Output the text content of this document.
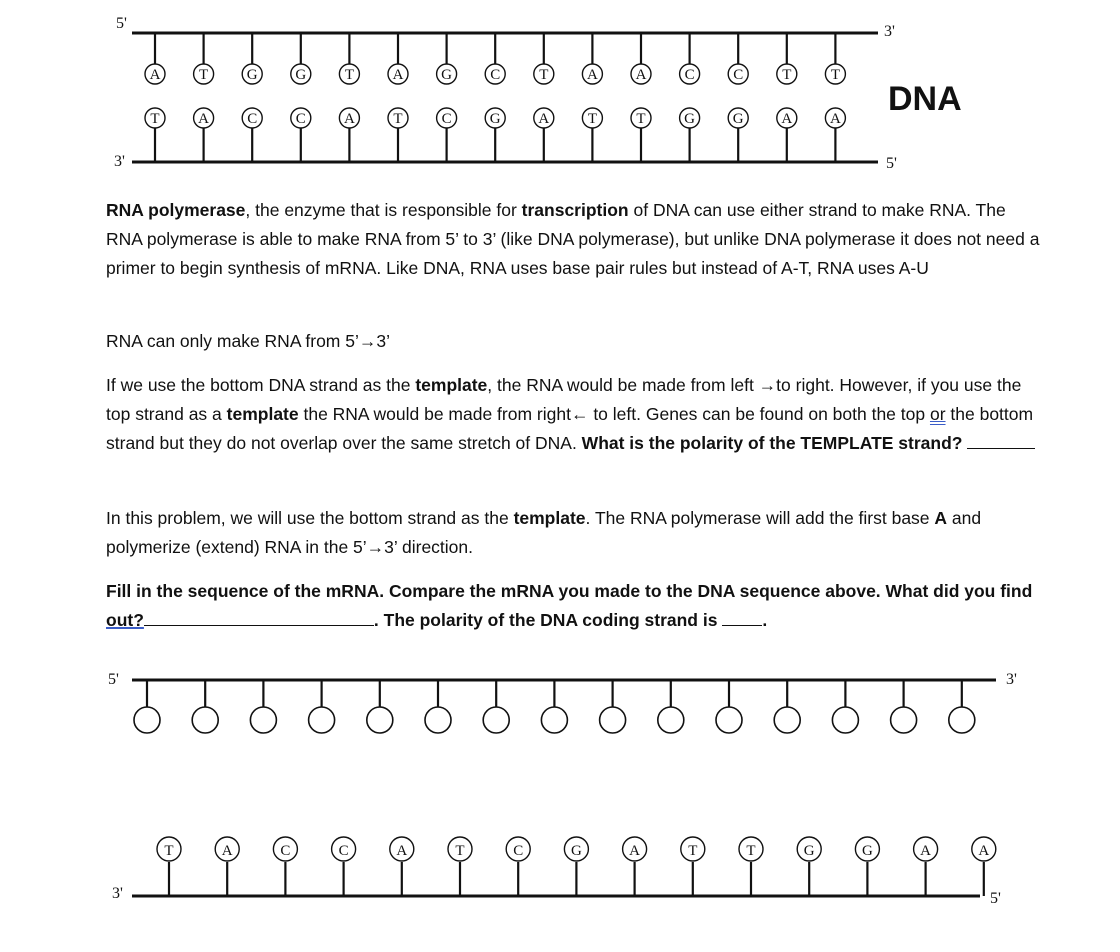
5'	3'
3'	5'
DNA
A	T	G	G	T	A	G	C	T	A	A	C	C	T	T
T	A	C	C	A	T	C	G	A	T	T	G	G	A	A
5'	3'
3'	5'
T	A	C	C	A	T	C	G	A	T	T	G	G	A	A

RNA polymerase, the enzyme that is responsible for transcription of DNA can use either strand to make RNA. The RNA polymerase is able to make RNA from 5’ to 3’ (like DNA polymerase), but unlike DNA polymerase it does not need a primer to begin synthesis of mRNA. Like DNA, RNA uses base pair rules but instead of A-T, RNA uses A-U

RNA can only make RNA from 5’→3’

If we use the bottom DNA strand as the template, the RNA would be made from left →to right. However, if you use the top strand as a template the RNA would be made from right← to left. Genes can be found on both the top or the bottom strand but they do not overlap over the same stretch of DNA. What is the polarity of the TEMPLATE strand?

In this problem, we will use the bottom strand as the template. The RNA polymerase will add the first base A and polymerize (extend) RNA in the 5’→3’ direction.

Fill in the sequence of the mRNA. Compare the mRNA you made to the DNA sequence above. What did you find out?	. The polarity of the DNA coding strand is	.
